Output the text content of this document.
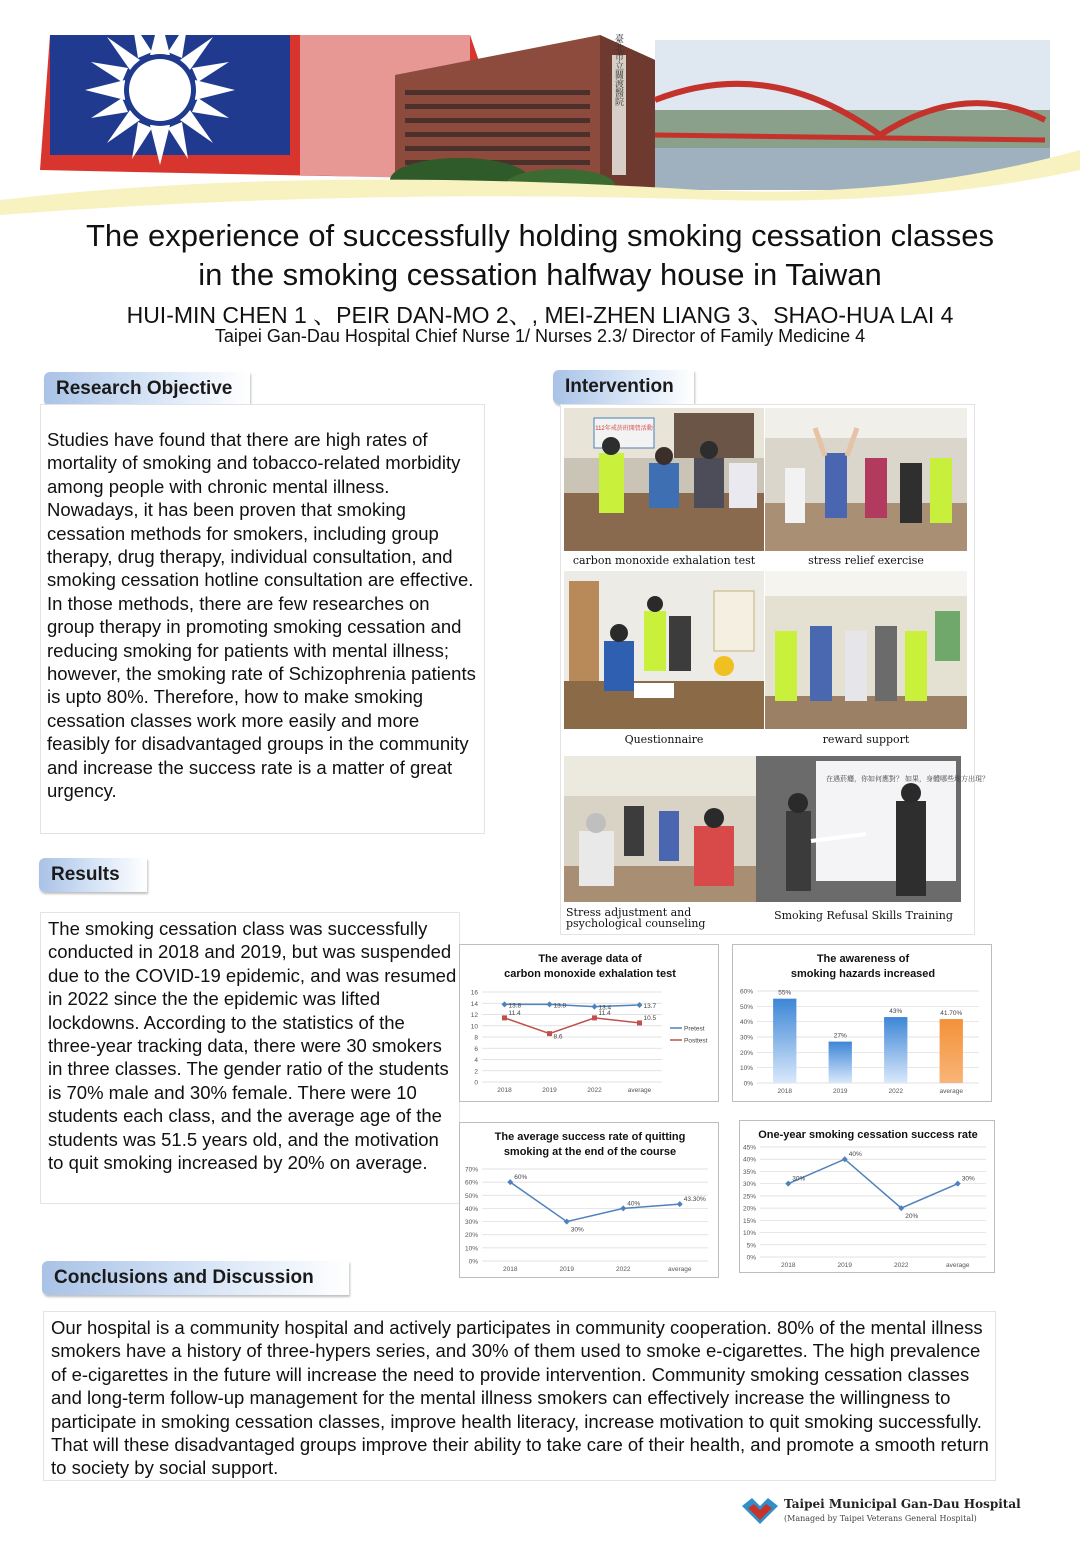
臺北市立關渡醫院
The experience of successfully holding smoking cessation classes
in the smoking cessation halfway house in Taiwan
HUI-MIN CHEN 1 、PEIR DAN-MO 2、, MEI-ZHEN LIANG 3、SHAO-HUA LAI 4
Taipei Gan-Dau Hospital Chief Nurse 1/ Nurses 2.3/ Director of Family Medicine 4
Research Objective
Studies have found that there are high rates of mortality of smoking and tobacco-related morbidity among people with chronic mental illness. Nowadays, it has been proven that smoking cessation methods for smokers, including group therapy, drug therapy, individual consultation, and smoking cessation hotline consultation are effective. In those methods, there are few researches on group therapy in promoting smoking cessation and reducing smoking for patients with mental illness; however, the smoking rate of Schizophrenia patients is upto 80%. Therefore, how to make smoking cessation classes work more easily and more feasibly for disadvantaged groups in the community and increase the success rate is a matter of great urgency.
Results
The smoking cessation class was successfully conducted in 2018 and 2019, but was suspended due to the COVID-19 epidemic, and was resumed in 2022 since the the epidemic was lifted lockdowns. According to the statistics of the three-year tracking data, there were 30 smokers in three classes. The gender ratio of the students is 70% male and 30% female. There were 10 students each class, and the average age of the students was 51.5 years old, and the motivation to quit smoking increased by 20% on average.
Intervention
112年戒菸班開營活動
carbon monoxide exhalation test	stress relief exercise
Questionnaire	reward support
在遇菸癮，你如何應對？ 如果，身體哪些地方出現？
Stress adjustment and psychological counseling
Smoking Refusal Skills Training
The average data of
carbon monoxide exhalation test
0
2
4
6
8
10
12
14
16
2018	2019	2022	average
13.8	13.8	13.4	13.7
Pretest
11.4
8.6
11.4
10.5
Posttest
The awareness of
smoking hazards increased
0%
10%
20%
30%
40%
50%
60%
2018	2019	2022	average
55%
27%
43%	41.70%
The average success rate of quitting
smoking at the end of the course
0%
10%
20%
30%
40%
50%
60%
70%
2018	2019	2022	average
60%
30%
40%
43.30%
One-year smoking cessation success rate
0%
5%
10%
15%
20%
25%
30%
35%
40%
45%
2018	2019	2022	average
30%
40%
20%
30%
Conclusions and Discussion
Our hospital is a community hospital and actively participates in community cooperation. 80% of the mental illness smokers have a history of three-hypers series, and 30% of them used to smoke e-cigarettes. The high prevalence of e-cigarettes in the future will increase the need to provide intervention. Community smoking cessation classes and long-term follow-up management for the mental illness smokers can effectively increase the willingness to participate in smoking cessation classes, improve health literacy, increase motivation to quit smoking successfully. That will these disadvantaged groups improve their ability to take care of their health, and promote a smooth return to society by social support.
Taipei Municipal Gan-Dau Hospital
(Managed by Taipei Veterans General Hospital)
